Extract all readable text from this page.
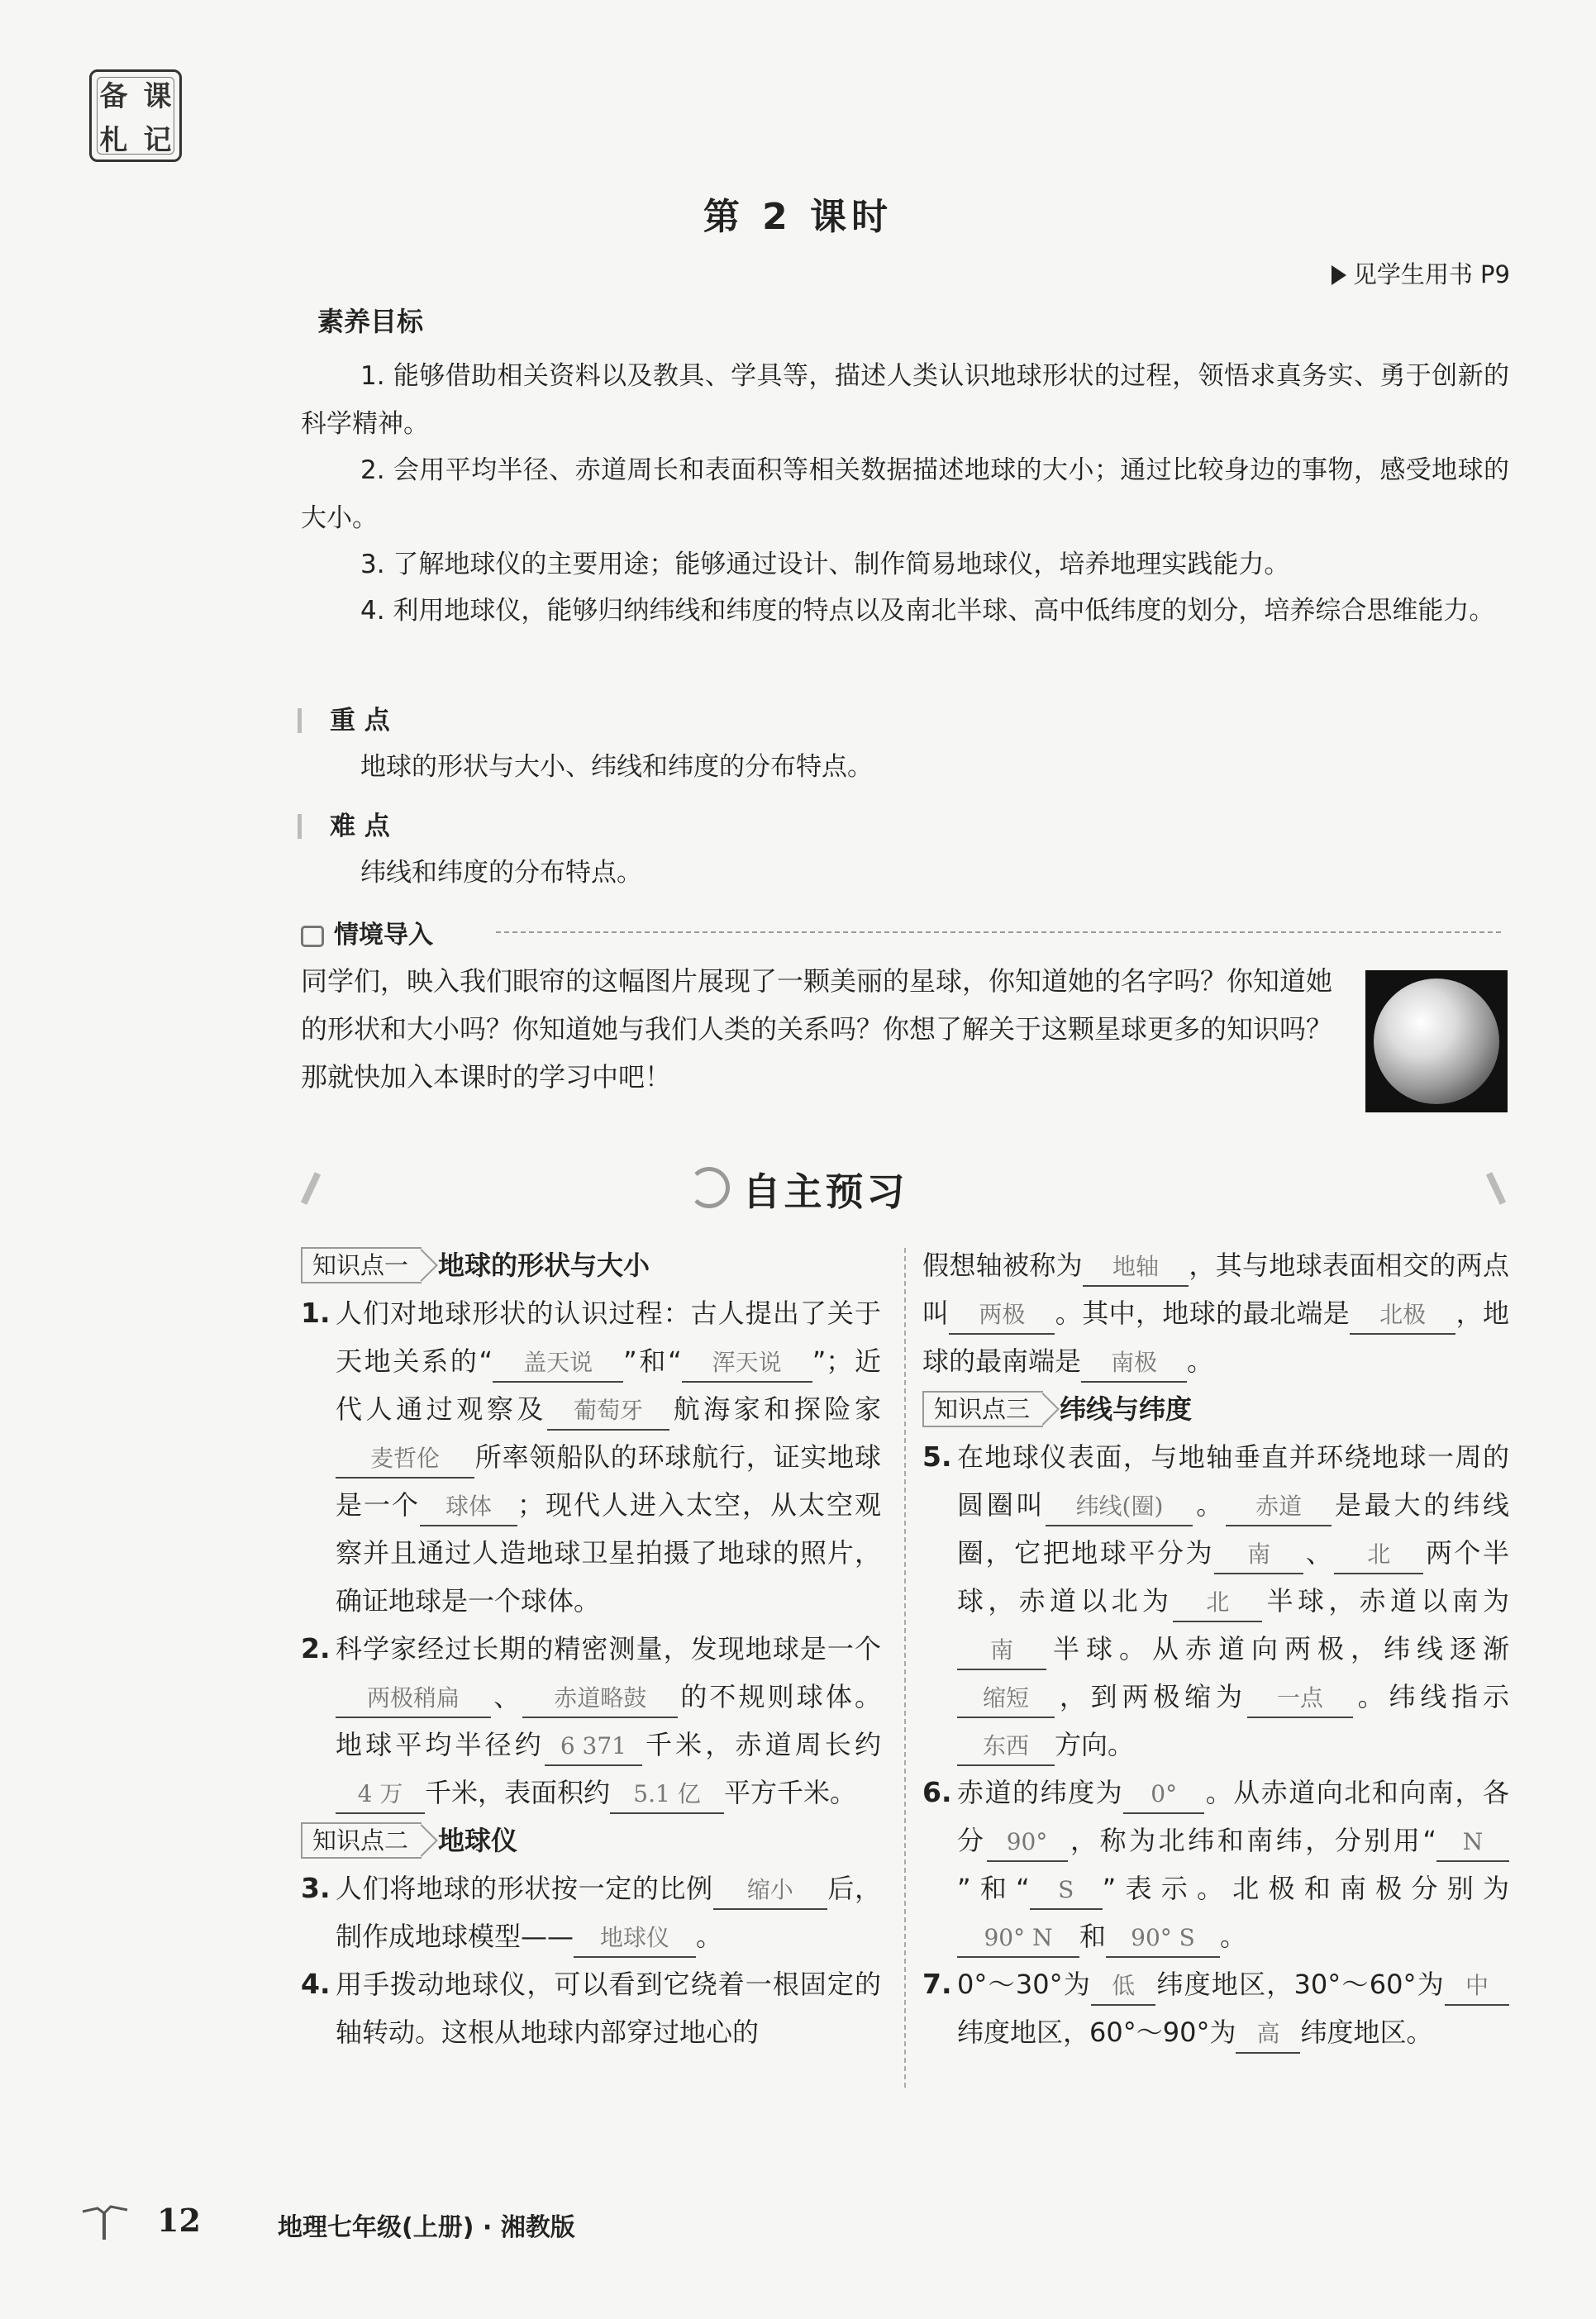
备 课
札 记
第 2 课时
见学生用书 P9
素养目标
1. 能够借助相关资料以及教具、学具等，描述人类认识地球形状的过程，领悟求真务实、勇于创新的科学精神。
2. 会用平均半径、赤道周长和表面积等相关数据描述地球的大小；通过比较身边的事物，感受地球的大小。
3. 了解地球仪的主要用途；能够通过设计、制作简易地球仪，培养地理实践能力。
4. 利用地球仪，能够归纳纬线和纬度的特点以及南北半球、高中低纬度的划分，培养综合思维能力。
重 点
地球的形状与大小、纬线和纬度的分布特点。
难 点
纬线和纬度的分布特点。
情境导入
同学们，映入我们眼帘的这幅图片展现了一颗美丽的星球，你知道她的名字吗？你知道她的形状和大小吗？你知道她与我们人类的关系吗？你想了解关于这颗星球更多的知识吗？那就快加入本课时的学习中吧！
自主预习
知识点一	地球的形状与大小
1. 人们对地球形状的认识过程：古人提出了关于天地关系的“ 盖天说 ”和“ 浑天说 ”；近代人通过观察及 葡萄牙 航海家和探险家麦哲伦 所率领船队的环球航行，证实地球是一个 球体 ；现代人进入太空，从太空观察并且通过人造地球卫星拍摄了地球的照片，确证地球是一个球体。
2. 科学家经过长期的精密测量，发现地球是一个两极稍扁 、 赤道略鼓 的不规则球体。地球平均半径约 6 371 千米，赤道周长约4 万 千米，表面积约 5.1 亿 平方千米。
知识点二	地球仪
3. 人们将地球的形状按一定的比例 缩小 后，制作成地球模型—— 地球仪 。
4. 用手拨动地球仪，可以看到它绕着一根固定的轴转动。这根从地球内部穿过地心的
假想轴被称为 地轴 ，其与地球表面相交的两点叫 两极 。其中，地球的最北端是 北极 ，地球的最南端是 南极 。
知识点三	纬线与纬度
5. 在地球仪表面，与地轴垂直并环绕地球一周的圆圈叫 纬线(圈) 。 赤道 是最大的纬线圈，它把地球平分为 南 、 北 两个半球，赤道以北为 北 半球，赤道以南为南 半球。从赤道向两极，纬线逐渐缩短 ，到两极缩为 一点 。纬线指示东西 方向。
6. 赤道的纬度为 0° 。从赤道向北和向南，各分 90° ，称为北纬和南纬，分别用“ N”和“ S ”表示。北极和南极分别为90° N 和 90° S 。
7. 0°～30°为 低 纬度地区，30°～60°为 中纬度地区，60°～90°为 高 纬度地区。
12	地理七年级(上册) · 湘教版
